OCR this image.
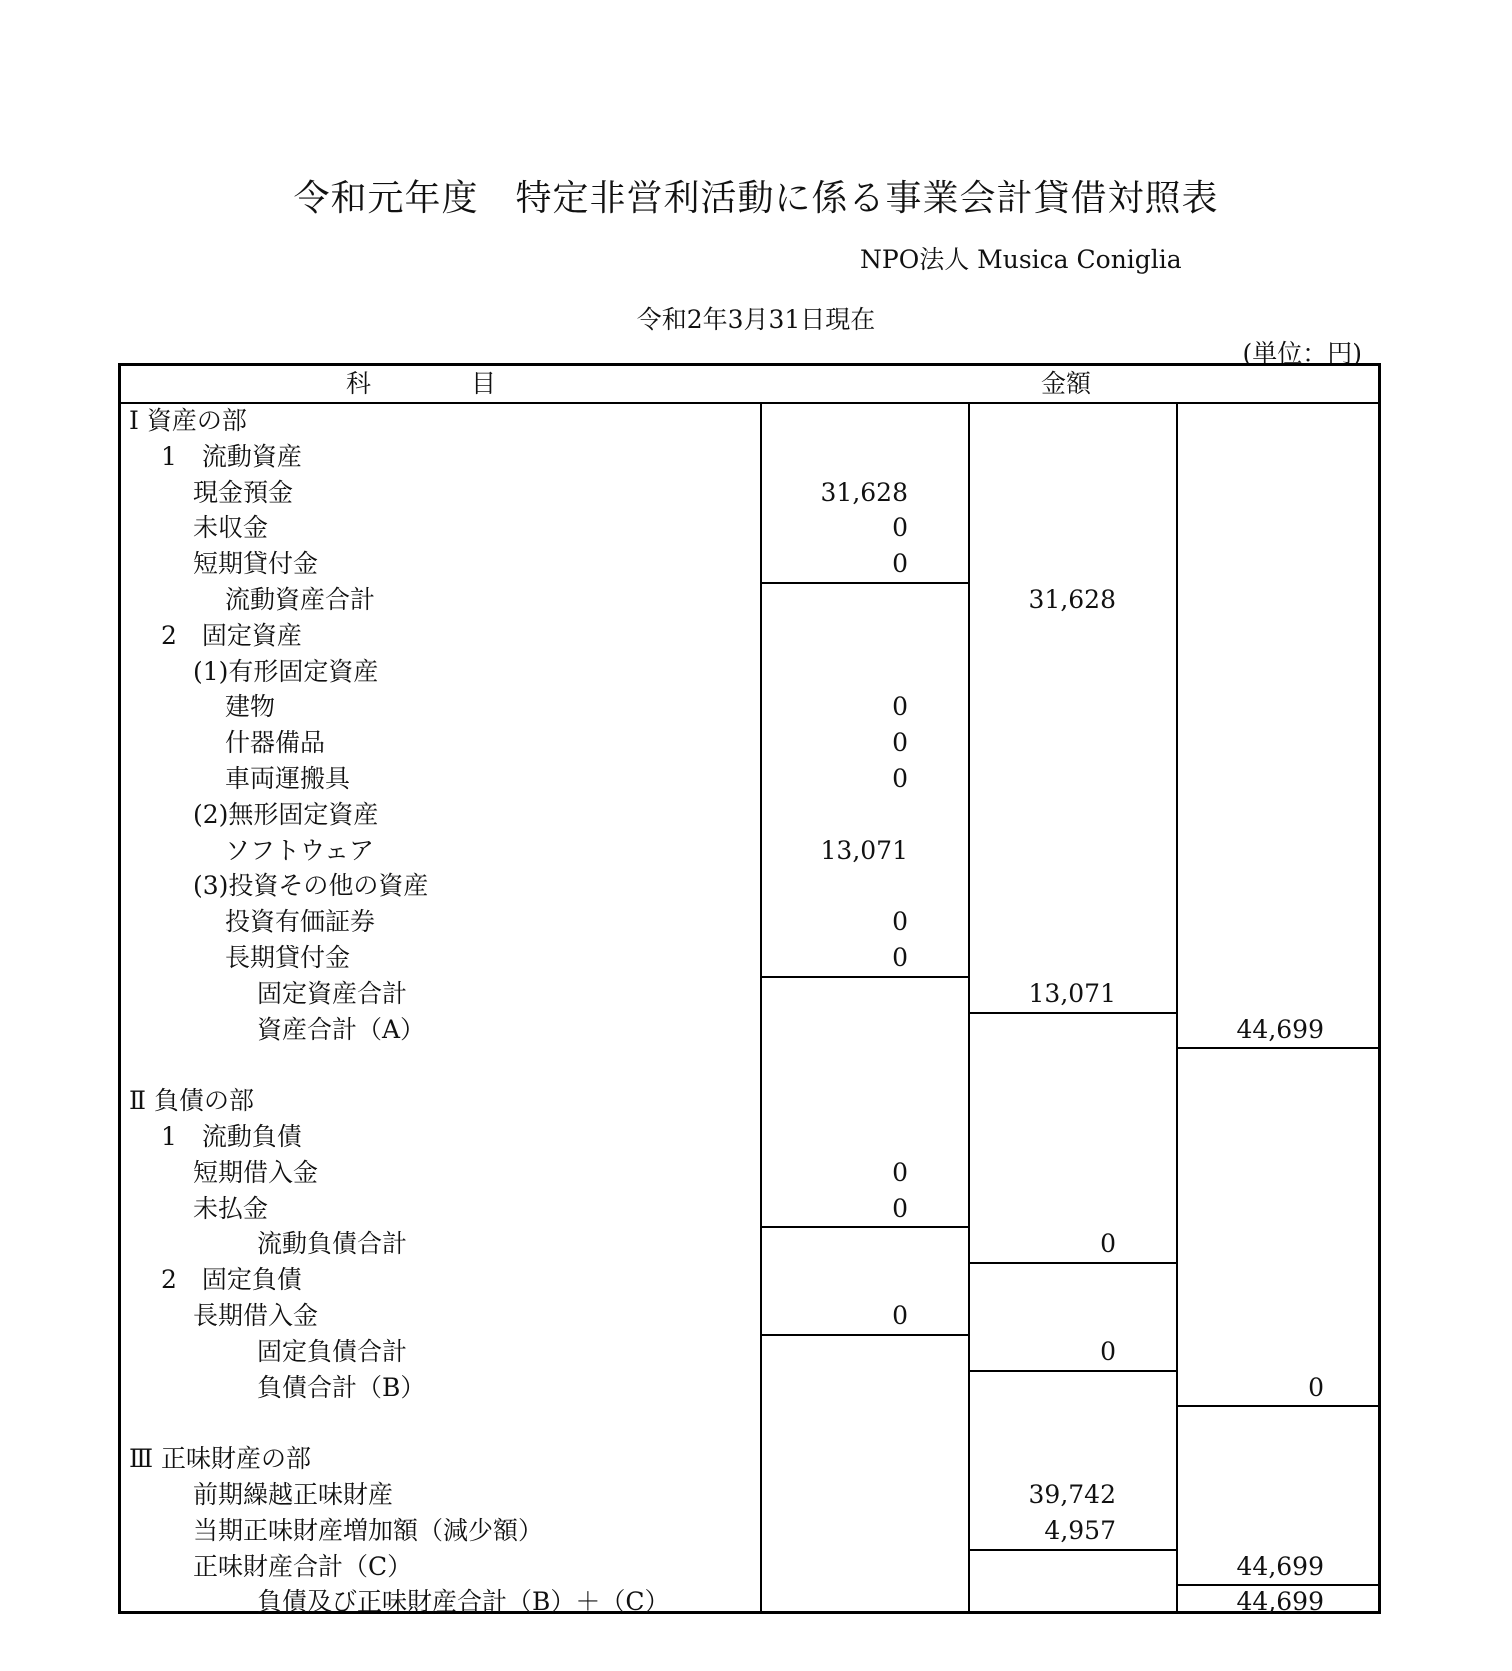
令和元年度　特定非営利活動に係る事業会計貸借対照表
NPO法人 Musica Coniglia
令和2年3月31日現在
(単位：円)
科　　　　目	金額
Ⅰ 資産の部
1　流動資産
現金預金	31,628
未収金	0
短期貸付金	0
流動資産合計	31,628
2　固定資産
(1)有形固定資産
建物	0
什器備品	0
車両運搬具	0
(2)無形固定資産
ソフトウェア	13,071
(3)投資その他の資産
投資有価証券	0
長期貸付金	0
固定資産合計	13,071
資産合計（A）	44,699
Ⅱ 負債の部
1　流動負債
短期借入金	0
未払金	0
流動負債合計	0
2　固定負債
長期借入金	0
固定負債合計	0
負債合計（B）	0
Ⅲ 正味財産の部
前期繰越正味財産	39,742
当期正味財産増加額（減少額）	4,957
正味財産合計（C）	44,699
負債及び正味財産合計（B）＋（C）	44,699
